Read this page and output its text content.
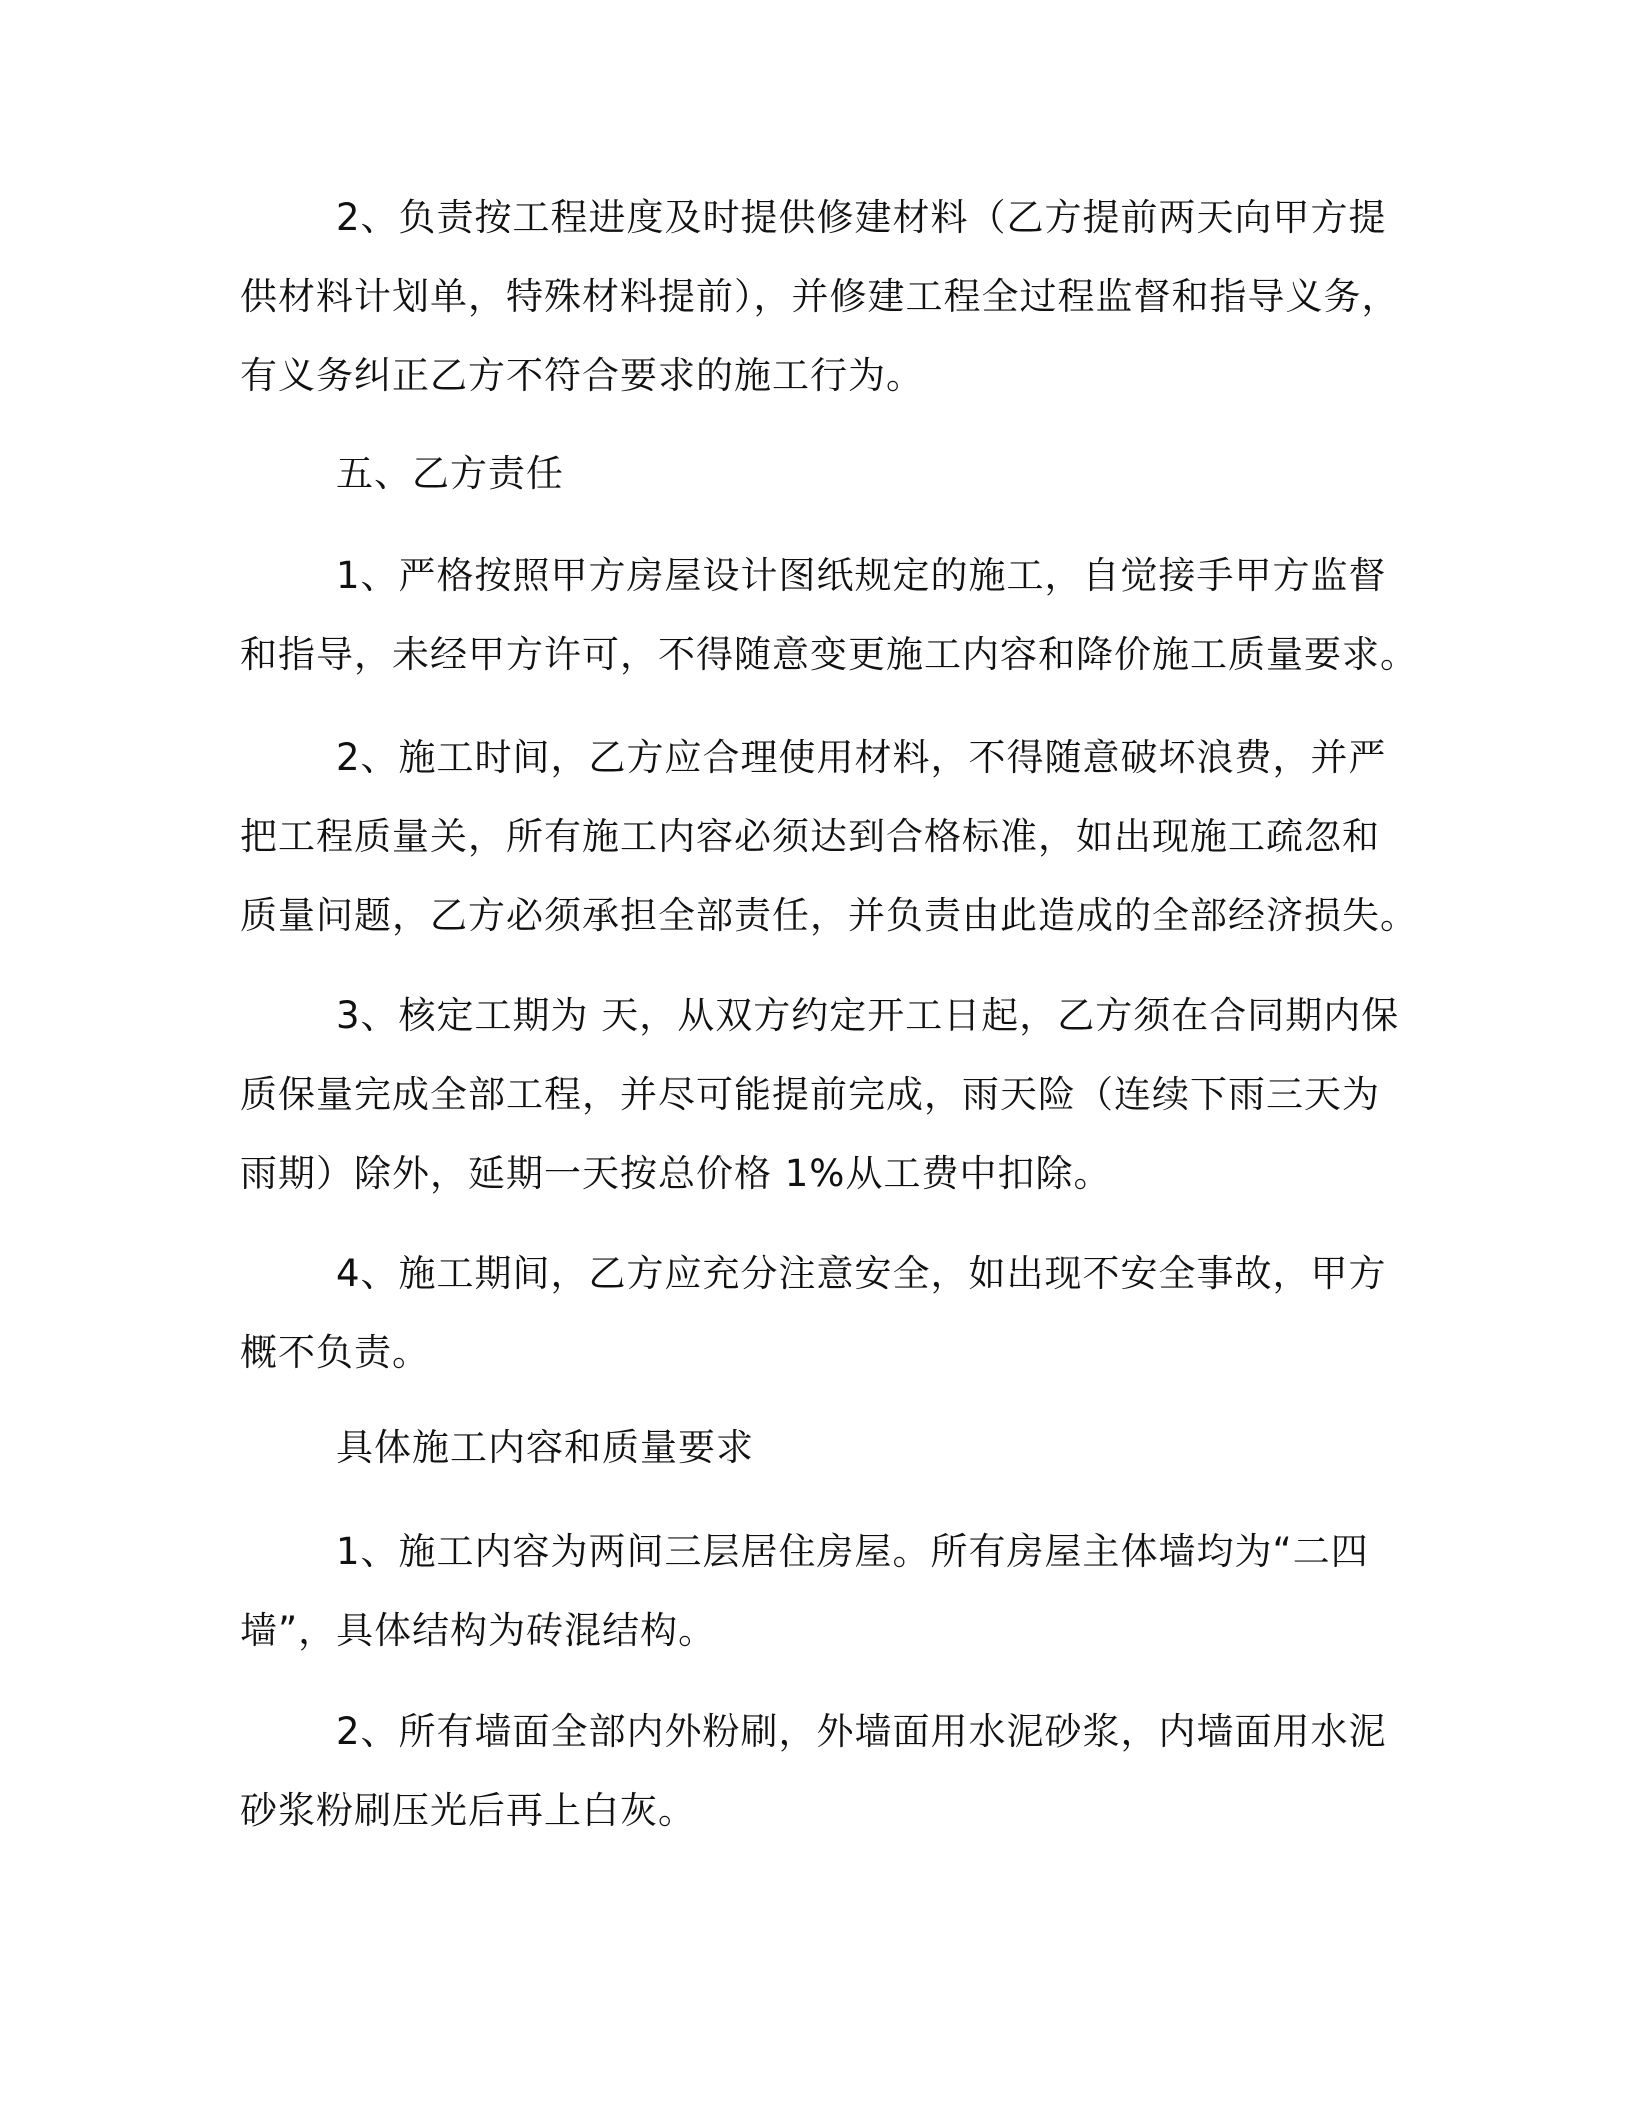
2、负责按工程进度及时提供修建材料（乙方提前两天向甲方提
供材料计划单，特殊材料提前），并修建工程全过程监督和指导义务，
有义务纠正乙方不符合要求的施工行为。
五、乙方责任
1、严格按照甲方房屋设计图纸规定的施工，自觉接手甲方监督
和指导，未经甲方许可，不得随意变更施工内容和降价施工质量要求。
2、施工时间，乙方应合理使用材料，不得随意破坏浪费，并严
把工程质量关，所有施工内容必须达到合格标准，如出现施工疏忽和
质量问题，乙方必须承担全部责任，并负责由此造成的全部经济损失。
3、核定工期为 天，从双方约定开工日起，乙方须在合同期内保
质保量完成全部工程，并尽可能提前完成，雨天险（连续下雨三天为
雨期）除外，延期一天按总价格 1%从工费中扣除。
4、施工期间，乙方应充分注意安全，如出现不安全事故，甲方
概不负责。
具体施工内容和质量要求
1、施工内容为两间三层居住房屋。所有房屋主体墙均为“二四
墙”，具体结构为砖混结构。
2、所有墙面全部内外粉刷，外墙面用水泥砂浆，内墙面用水泥
砂浆粉刷压光后再上白灰。
